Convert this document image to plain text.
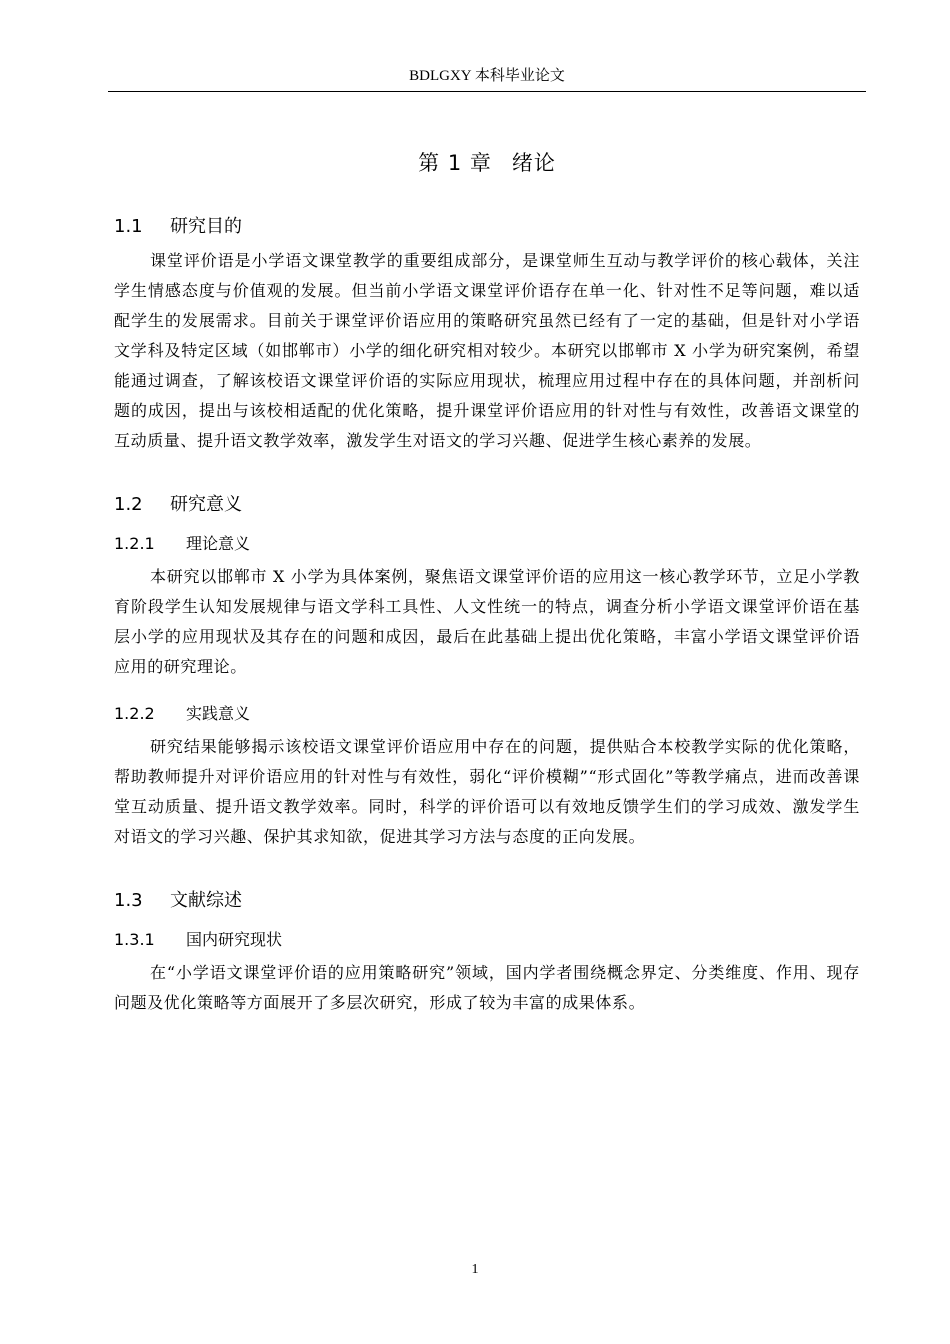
BDLGXY 本科毕业论文
第 1 章 绪论
1.1 研究目的

课堂评价语是小学语文课堂教学的重要组成部分，是课堂师生互动与教学评价的核心载体，关注学生情感态度与价值观的发展。但当前小学语文课堂评价语存在单一化、针对性不足等问题，难以适配学生的发展需求。目前关于课堂评价语应用的策略研究虽然已经有了一定的基础，但是针对小学语文学科及特定区域（如邯郸市）小学的细化研究相对较少。本研究以邯郸市 X 小学为研究案例，希望能通过调查，了解该校语文课堂评价语的实际应用现状，梳理应用过程中存在的具体问题，并剖析问题的成因，提出与该校相适配的优化策略，提升课堂评价语应用的针对性与有效性，改善语文课堂的互动质量、提升语文教学效率，激发学生对语文的学习兴趣、促进学生核心素养的发展。

1.2 研究意义
1.2.1 理论意义

本研究以邯郸市 X 小学为具体案例，聚焦语文课堂评价语的应用这一核心教学环节，立足小学教育阶段学生认知发展规律与语文学科工具性、人文性统一的特点，调查分析小学语文课堂评价语在基层小学的应用现状及其存在的问题和成因，最后在此基础上提出优化策略，丰富小学语文课堂评价语应用的研究理论。

1.2.2 实践意义

研究结果能够揭示该校语文课堂评价语应用中存在的问题，提供贴合本校教学实际的优化策略，帮助教师提升对评价语应用的针对性与有效性，弱化“评价模糊”“形式固化”等教学痛点，进而改善课堂互动质量、提升语文教学效率。同时，科学的评价语可以有效地反馈学生们的学习成效、激发学生对语文的学习兴趣、保护其求知欲，促进其学习方法与态度的正向发展。

1.3 文献综述
1.3.1 国内研究现状

在“小学语文课堂评价语的应用策略研究”领域，国内学者围绕概念界定、分类维度、作用、现存问题及优化策略等方面展开了多层次研究，形成了较为丰富的成果体系。

1
